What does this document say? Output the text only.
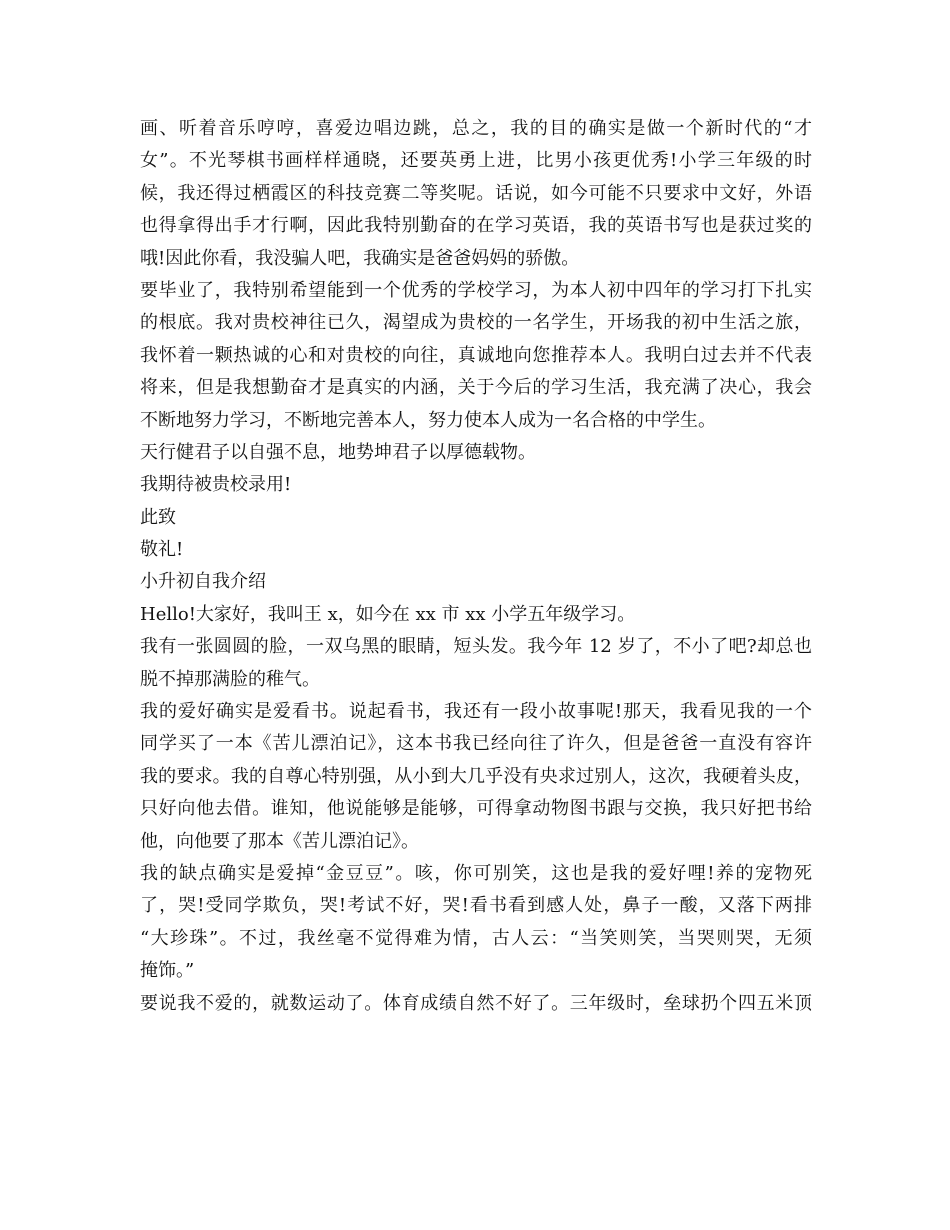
画、听着音乐哼哼，喜爱边唱边跳，总之，我的目的确实是做一个新时代的“才
女”。不光琴棋书画样样通晓，还要英勇上进，比男小孩更优秀!小学三年级的时
候，我还得过栖霞区的科技竞赛二等奖呢。话说，如今可能不只要求中文好，外语
也得拿得出手才行啊，因此我特别勤奋的在学习英语，我的英语书写也是获过奖的
哦!因此你看，我没骗人吧，我确实是爸爸妈妈的骄傲。
要毕业了，我特别希望能到一个优秀的学校学习，为本人初中四年的学习打下扎实
的根底。我对贵校神往已久，渴望成为贵校的一名学生，开场我的初中生活之旅，
我怀着一颗热诚的心和对贵校的向往，真诚地向您推荐本人。我明白过去并不代表
将来，但是我想勤奋才是真实的内涵，关于今后的学习生活，我充满了决心，我会
不断地努力学习，不断地完善本人，努力使本人成为一名合格的中学生。
天行健君子以自强不息，地势坤君子以厚德载物。
我期待被贵校录用!
此致
敬礼!
小升初自我介绍
Hello!大家好，我叫王 x，如今在 xx 市 xx 小学五年级学习。
我有一张圆圆的脸，一双乌黑的眼睛，短头发。我今年 12 岁了，不小了吧?却总也
脱不掉那满脸的稚气。
我的爱好确实是爱看书。说起看书，我还有一段小故事呢!那天，我看见我的一个
同学买了一本《苦儿漂泊记》，这本书我已经向往了许久，但是爸爸一直没有容许
我的要求。我的自尊心特别强，从小到大几乎没有央求过别人，这次，我硬着头皮，
只好向他去借。谁知，他说能够是能够，可得拿动物图书跟与交换，我只好把书给
他，向他要了那本《苦儿漂泊记》。
我的缺点确实是爱掉“金豆豆”。咳，你可别笑，这也是我的爱好哩!养的宠物死
了，哭!受同学欺负，哭!考试不好，哭!看书看到感人处，鼻子一酸，又落下两排
“大珍珠”。不过，我丝毫不觉得难为情，古人云：“当笑则笑，当哭则哭，无须
掩饰。”
要说我不爱的，就数运动了。体育成绩自然不好了。三年级时，垒球扔个四五米顶
